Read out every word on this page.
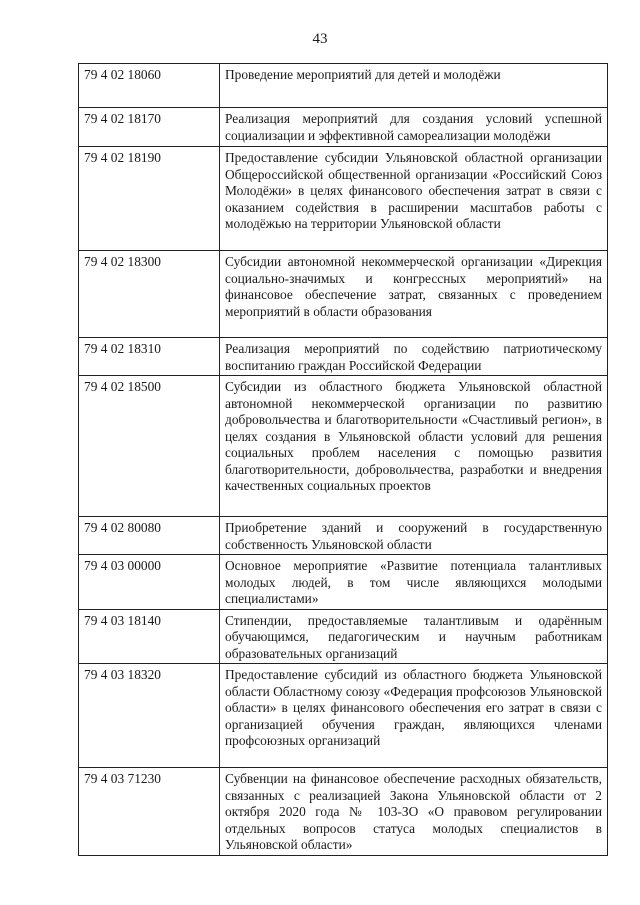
43
79 4 02 18060	Проведение мероприятий для детей и молодёжи
79 4 02 18170	Реализация мероприятий для создания условий успешной социализации и эффективной самореализации молодёжи
79 4 02 18190	Предоставление субсидии Ульяновской областной организации Общероссийской общественной организации «Российский Союз Молодёжи» в целях финансового обеспечения затрат в связи с оказанием содействия в расширении масштабов работы с молодёжью на территории Ульяновской области
79 4 02 18300	Субсидии автономной некоммерческой организации «Дирекция социально-значимых и конгрессных мероприятий» на финансовое обеспечение затрат, связанных с проведением мероприятий в области образования
79 4 02 18310	Реализация мероприятий по содействию патриотическому воспитанию граждан Российской Федерации
79 4 02 18500	Субсидии из областного бюджета Ульяновской областной автономной некоммерческой организации по развитию добровольчества и благотворительности «Счастливый регион», в целях создания в Ульяновской области условий для решения социальных проблем населения с помощью развития благотворительности, добровольчества, разработки и внедрения качественных социальных проектов
79 4 02 80080	Приобретение зданий и сооружений в государственную собственность Ульяновской области
79 4 03 00000	Основное мероприятие «Развитие потенциала талантливых молодых людей, в том числе являющихся молодыми специалистами»
79 4 03 18140	Стипендии, предоставляемые талантливым и одарённым обучающимся, педагогическим и научным работникам образовательных организаций
79 4 03 18320	Предоставление субсидий из областного бюджета Ульяновской области Областному союзу «Федерация профсоюзов Ульяновской области» в целях финансового обеспечения его затрат в связи с организацией обучения граждан, являющихся членами профсоюзных организаций
79 4 03 71230	Субвенции на финансовое обеспечение расходных обязательств, связанных с реализацией Закона Ульяновской области от 2 октября 2020 года № 103-ЗО «О правовом регулировании отдельных вопросов статуса молодых специалистов в Ульяновской области»
